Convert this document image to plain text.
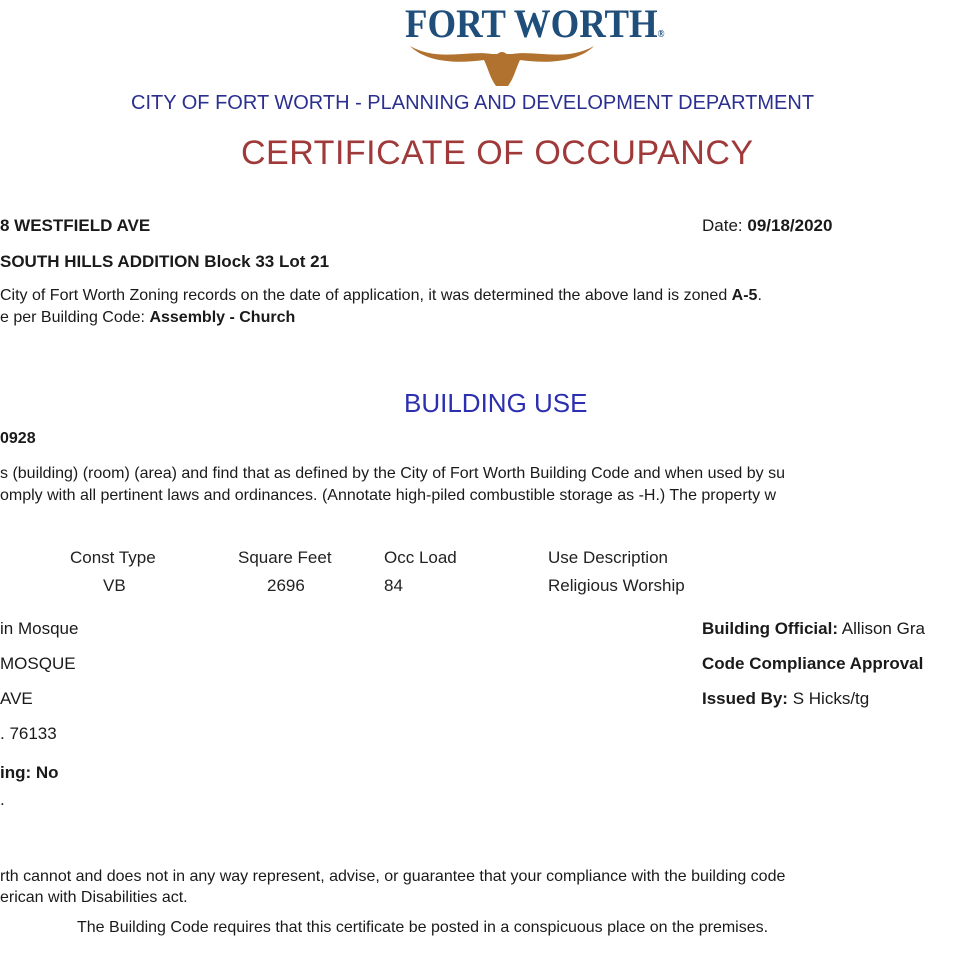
FORT WORTH®
CITY OF FORT WORTH - PLANNING AND DEVELOPMENT DEPARTMENT
CERTIFICATE OF OCCUPANCY
8 WESTFIELD AVE	Date: 09/18/2020
SOUTH HILLS ADDITION Block 33 Lot 21
City of Fort Worth Zoning records on the date of application, it was determined the above land is zoned A-5.
e per Building Code: Assembly - Church
BUILDING USE
0928
s (building) (room) (area) and find that as defined by the City of Fort Worth Building Code and when used by su
omply with all pertinent laws and ordinances. (Annotate high-piled combustible storage as -H.) The property w
Const Type	Square Feet	Occ Load	Use Description
VB	2696	84	Religious Worship
in Mosque
MOSQUE
AVE
. 76133
ing: No
.
Building Official: Allison Gra
Code Compliance Approval
Issued By: S Hicks/tg
rth cannot and does not in any way represent, advise, or guarantee that your compliance with the building code
erican with Disabilities act.
The Building Code requires that this certificate be posted in a conspicuous place on the premises.
